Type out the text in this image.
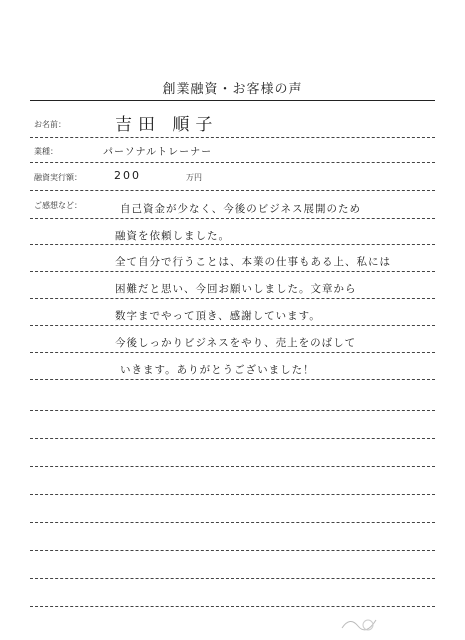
創業融資・お客様の声
お名前：	吉田 順子
業種：	パーソナルトレーナー
融資実行額：	200	万円
ご感想など：	自己資金が少なく、今後のビジネス展開のため
融資を依頼しました。
全て自分で行うことは、本業の仕事もある上、私には
困難だと思い、今回お願いしました。文章から
数字までやって頂き、感謝しています。
今後しっかりビジネスをやり、売上をのばして
いきます。ありがとうございました！
